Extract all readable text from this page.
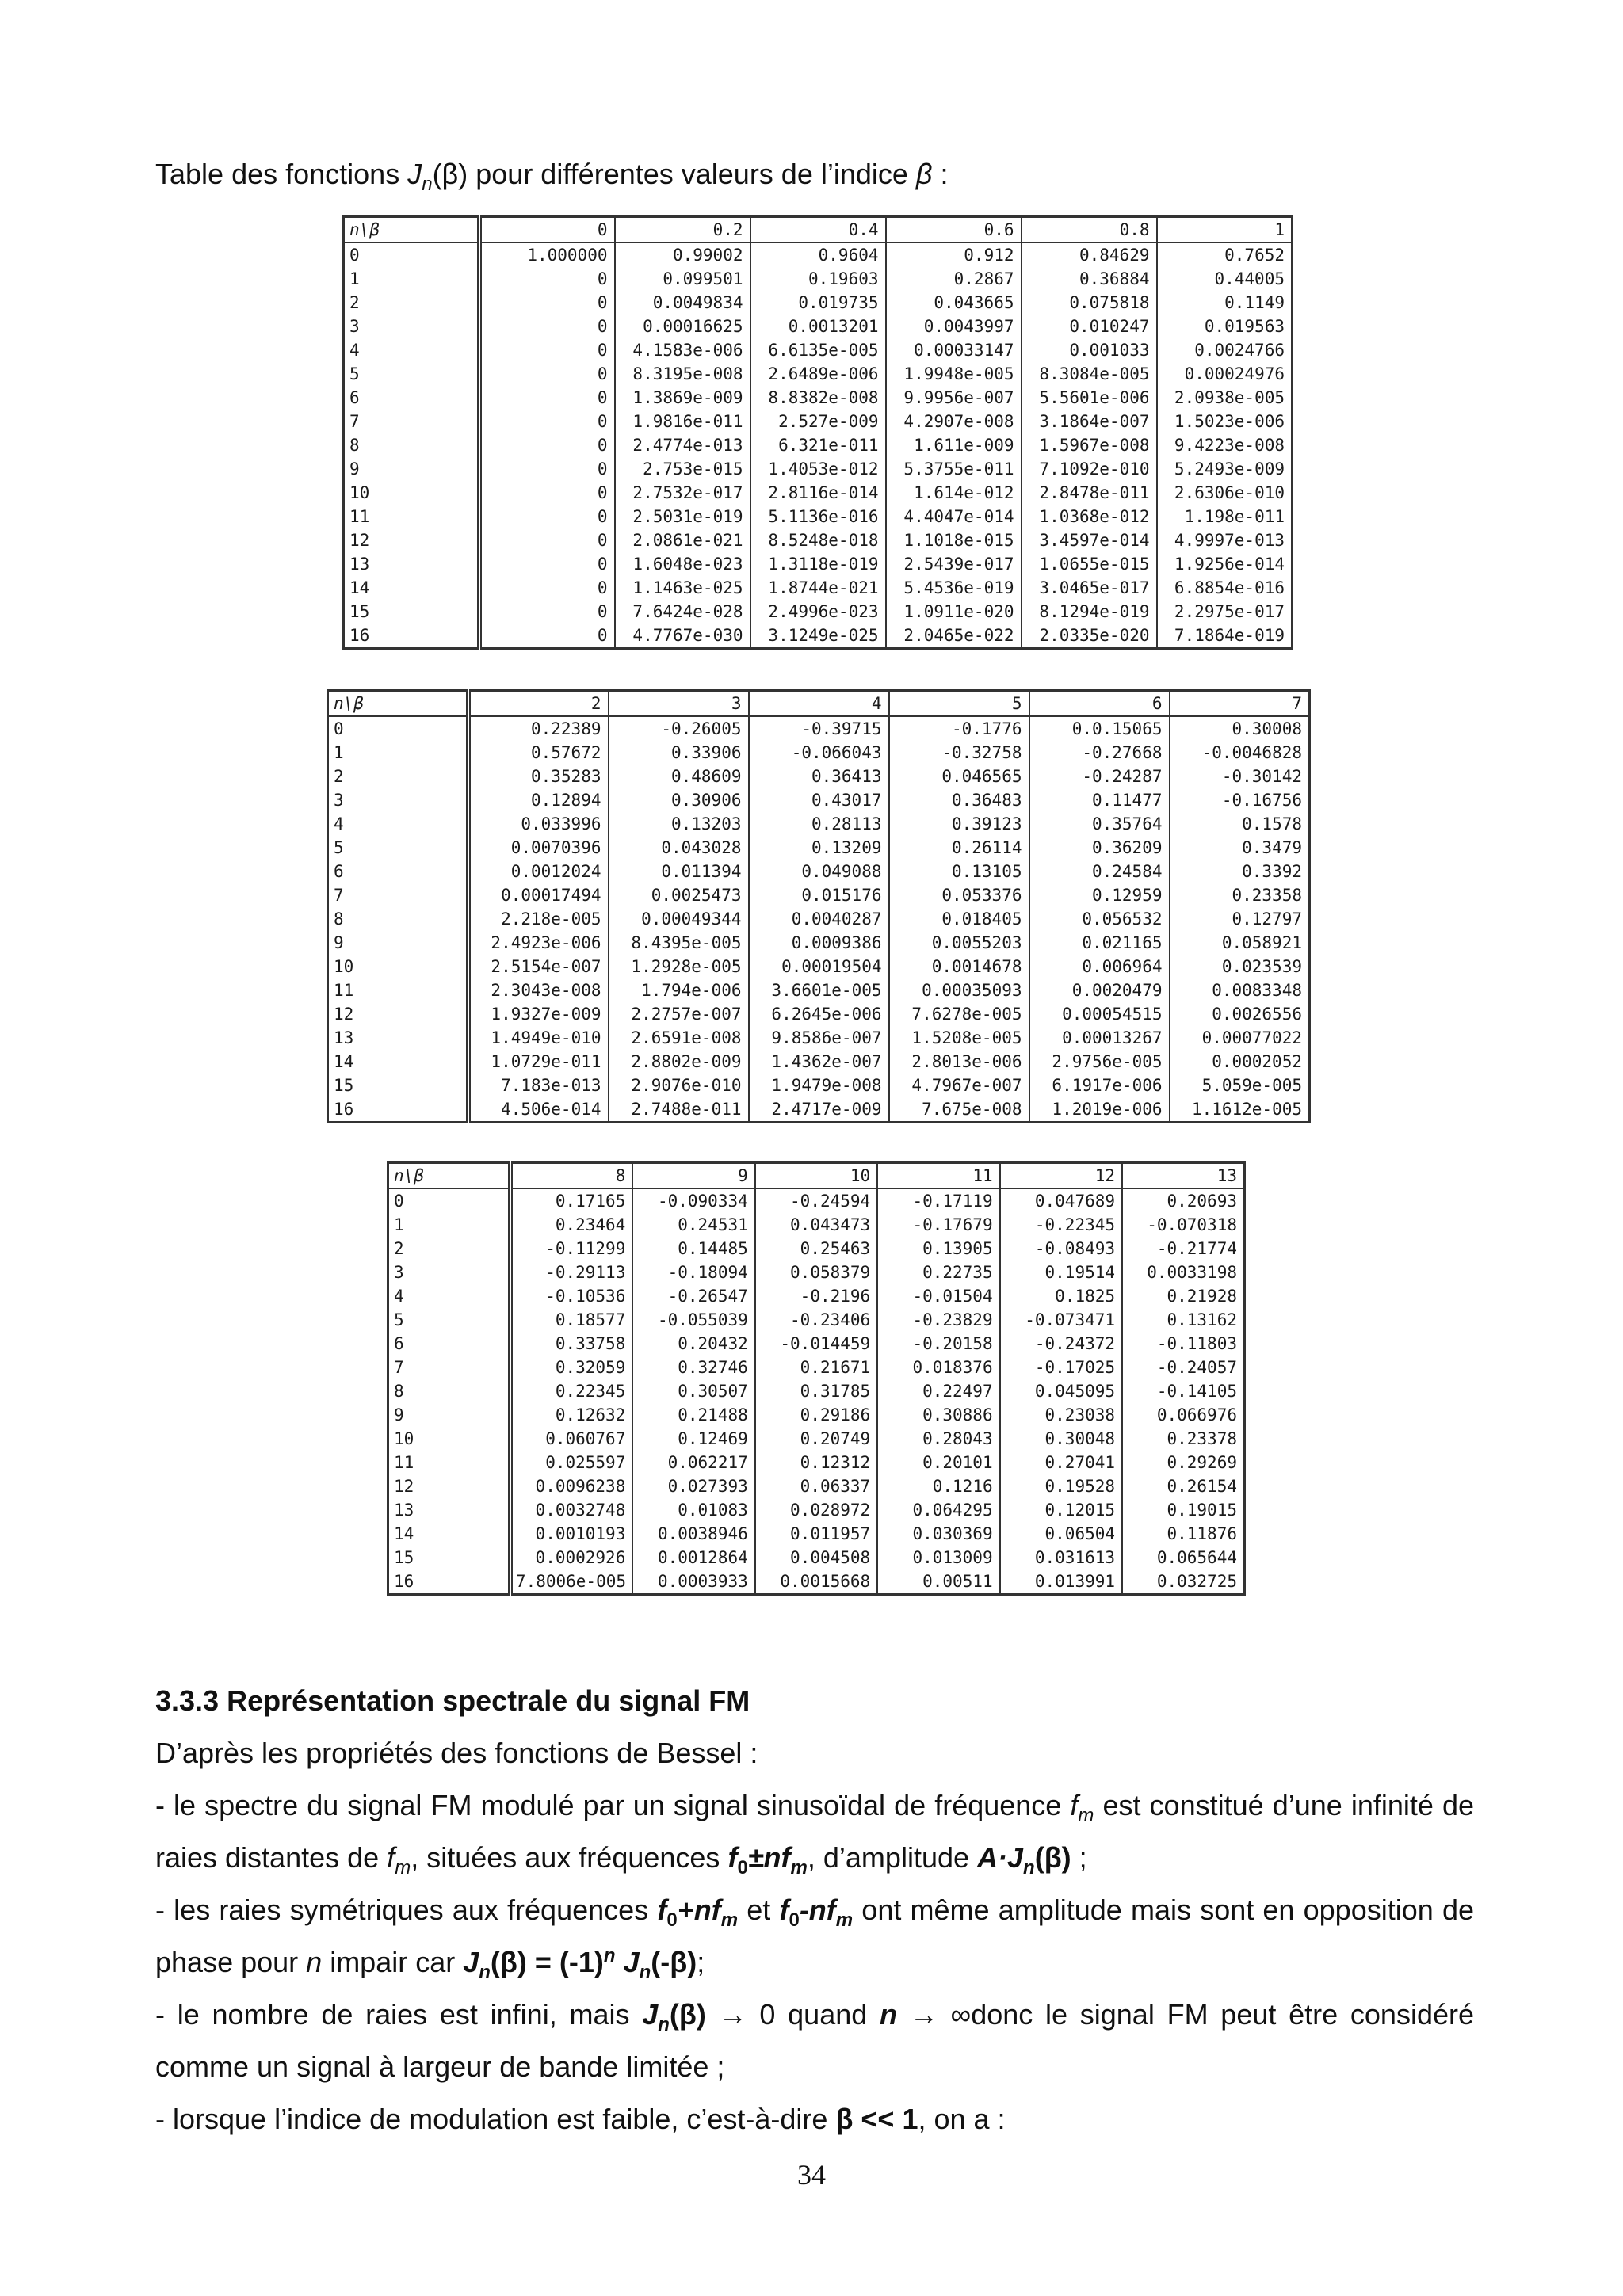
Table des fonctions $J_n(\beta)$ pour différentes valeurs de l’indice β :
n\β	0	0.2	0.4	0.6	0.8	1
0	1.000000	0.99002	0.9604	0.912	0.84629	0.7652
1	0	0.099501	0.19603	0.2867	0.36884	0.44005
2	0	0.0049834	0.019735	0.043665	0.075818	0.1149
3	0	0.00016625	0.0013201	0.0043997	0.010247	0.019563
4	0	4.1583e-006	6.6135e-005	0.00033147	0.001033	0.0024766
5	0	8.3195e-008	2.6489e-006	1.9948e-005	8.3084e-005	0.00024976
6	0	1.3869e-009	8.8382e-008	9.9956e-007	5.5601e-006	2.0938e-005
7	0	1.9816e-011	2.527e-009	4.2907e-008	3.1864e-007	1.5023e-006
8	0	2.4774e-013	6.321e-011	1.611e-009	1.5967e-008	9.4223e-008
9	0	2.753e-015	1.4053e-012	5.3755e-011	7.1092e-010	5.2493e-009
10	0	2.7532e-017	2.8116e-014	1.614e-012	2.8478e-011	2.6306e-010
11	0	2.5031e-019	5.1136e-016	4.4047e-014	1.0368e-012	1.198e-011
12	0	2.0861e-021	8.5248e-018	1.1018e-015	3.4597e-014	4.9997e-013
13	0	1.6048e-023	1.3118e-019	2.5439e-017	1.0655e-015	1.9256e-014
14	0	1.1463e-025	1.8744e-021	5.4536e-019	3.0465e-017	6.8854e-016
15	0	7.6424e-028	2.4996e-023	1.0911e-020	8.1294e-019	2.2975e-017
16	0	4.7767e-030	3.1249e-025	2.0465e-022	2.0335e-020	7.1864e-019
n\β	2	3	4	5	6	7
0	0.22389	-0.26005	-0.39715	-0.1776	0.0.15065	0.30008
1	0.57672	0.33906	-0.066043	-0.32758	-0.27668	-0.0046828
2	0.35283	0.48609	0.36413	0.046565	-0.24287	-0.30142
3	0.12894	0.30906	0.43017	0.36483	0.11477	-0.16756
4	0.033996	0.13203	0.28113	0.39123	0.35764	0.1578
5	0.0070396	0.043028	0.13209	0.26114	0.36209	0.3479
6	0.0012024	0.011394	0.049088	0.13105	0.24584	0.3392
7	0.00017494	0.0025473	0.015176	0.053376	0.12959	0.23358
8	2.218e-005	0.00049344	0.0040287	0.018405	0.056532	0.12797
9	2.4923e-006	8.4395e-005	0.0009386	0.0055203	0.021165	0.058921
10	2.5154e-007	1.2928e-005	0.00019504	0.0014678	0.006964	0.023539
11	2.3043e-008	1.794e-006	3.6601e-005	0.00035093	0.0020479	0.0083348
12	1.9327e-009	2.2757e-007	6.2645e-006	7.6278e-005	0.00054515	0.0026556
13	1.4949e-010	2.6591e-008	9.8586e-007	1.5208e-005	0.00013267	0.00077022
14	1.0729e-011	2.8802e-009	1.4362e-007	2.8013e-006	2.9756e-005	0.0002052
15	7.183e-013	2.9076e-010	1.9479e-008	4.7967e-007	6.1917e-006	5.059e-005
16	4.506e-014	2.7488e-011	2.4717e-009	7.675e-008	1.2019e-006	1.1612e-005
n\β	8	9	10	11	12	13
0	0.17165	-0.090334	-0.24594	-0.17119	0.047689	0.20693
1	0.23464	0.24531	0.043473	-0.17679	-0.22345	-0.070318
2	-0.11299	0.14485	0.25463	0.13905	-0.08493	-0.21774
3	-0.29113	-0.18094	0.058379	0.22735	0.19514	0.0033198
4	-0.10536	-0.26547	-0.2196	-0.01504	0.1825	0.21928
5	0.18577	-0.055039	-0.23406	-0.23829	-0.073471	0.13162
6	0.33758	0.20432	-0.014459	-0.20158	-0.24372	-0.11803
7	0.32059	0.32746	0.21671	0.018376	-0.17025	-0.24057
8	0.22345	0.30507	0.31785	0.22497	0.045095	-0.14105
9	0.12632	0.21488	0.29186	0.30886	0.23038	0.066976
10	0.060767	0.12469	0.20749	0.28043	0.30048	0.23378
11	0.025597	0.062217	0.12312	0.20101	0.27041	0.29269
12	0.0096238	0.027393	0.06337	0.1216	0.19528	0.26154
13	0.0032748	0.01083	0.028972	0.064295	0.12015	0.19015
14	0.0010193	0.0038946	0.011957	0.030369	0.06504	0.11876
15	0.0002926	0.0012864	0.004508	0.013009	0.031613	0.065644
16	7.8006e-005	0.0003933	0.0015668	0.00511	0.013991	0.032725
3.3.3 Représentation spectrale du signal FM

D’après les propriétés des fonctions de Bessel :

- le spectre du signal FM modulé par un signal sinusoïdal de fréquence $f_m$ est constitué d’une infinité de raies distantes de $f_m$, situées aux fréquences $f_0\pm nf_m$, d’amplitude $A\cdot J_n(\beta)$ ;

- les raies symétriques aux fréquences $f_0+nf_m$ et $f_0-nf_m$ ont même amplitude mais sont en opposition de phase pour n impair car $J_n(\beta) = (-1)^n$ $J_n(-\beta)$;

- le nombre de raies est infini, mais $J_n(\beta) \to 0$ quand n → ∞donc le signal FM peut être considéré comme un signal à largeur de bande limitée ;

- lorsque l’indice de modulation est faible, c’est-à-dire β << 1, on a :

34
